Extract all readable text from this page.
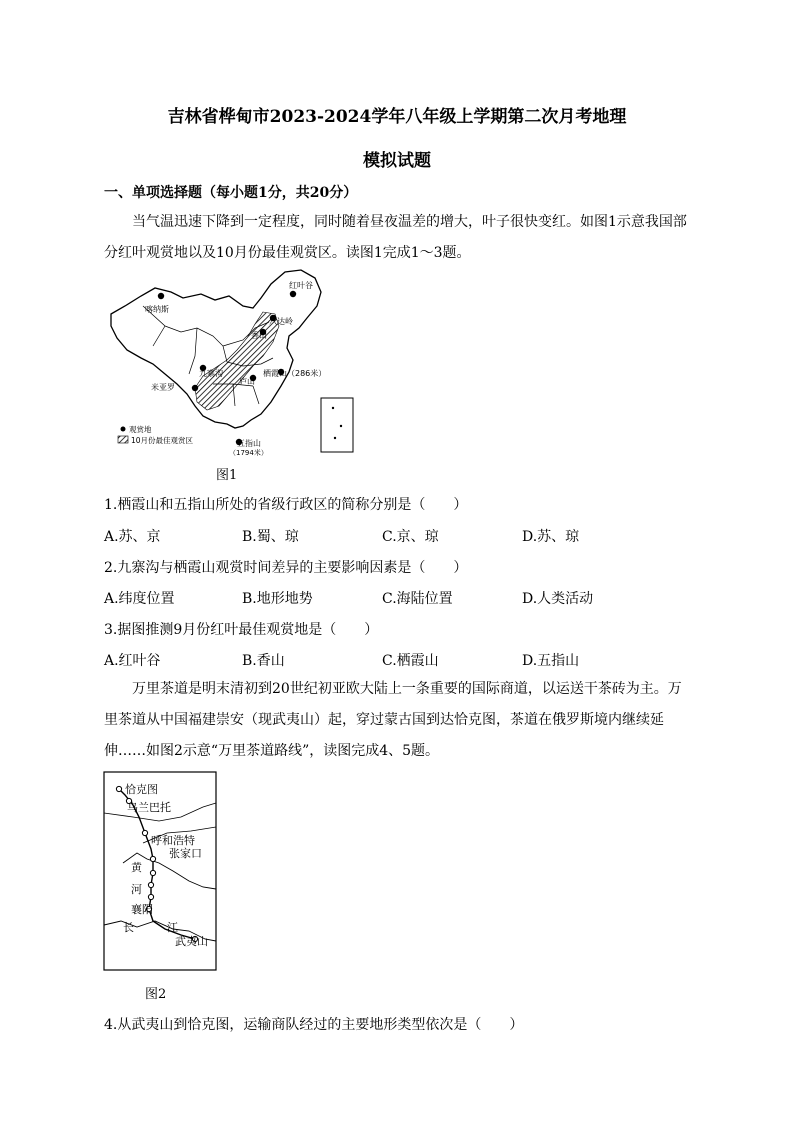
吉林省桦甸市2023-2024学年八年级上学期第二次月考地理
模拟试题
一、单项选择题（每小题1分，共20分）
当气温迅速下降到一定程度，同时随着昼夜温差的增大，叶子很快变红。如图1示意我国部分红叶观赏地以及10月份最佳观赏区。读图1完成1～3题。
喀纳斯
红叶谷
八达岭
香山
九寨沟
米亚罗
庐山
栖霞山（286米）
五指山
（1794米）
观赏地
10月份最佳观赏区
图1
1.栖霞山和五指山所处的省级行政区的简称分别是（　　）
A.苏、京	B.蜀、琼	C.京、琼	D.苏、琼
2.九寨沟与栖霞山观赏时间差异的主要影响因素是（　　）
A.纬度位置	B.地形地势	C.海陆位置	D.人类活动
3.据图推测9月份红叶最佳观赏地是（　　）
A.红叶谷	B.香山	C.栖霞山	D.五指山
万里茶道是明末清初到20世纪初亚欧大陆上一条重要的国际商道，以运送干茶砖为主。万里茶道从中国福建崇安（现武夷山）起，穿过蒙古国到达恰克图，茶道在俄罗斯境内继续延伸……如图2示意“万里茶道路线”，读图完成4、5题。
恰克图
乌兰巴托
呼和浩特
张家口
黄
河
襄阳
长	江
武夷山
图2
4.从武夷山到恰克图，运输商队经过的主要地形类型依次是（　　）
